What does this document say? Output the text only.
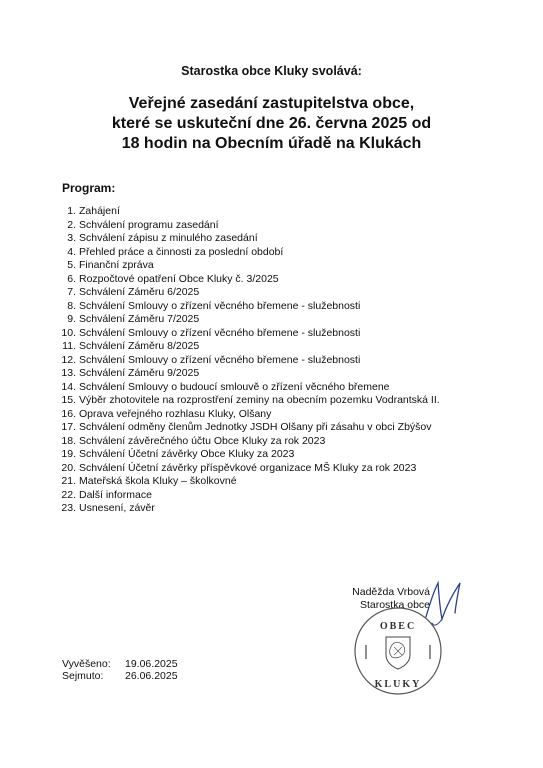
Starostka obce Kluky svolává:
Veřejné zasedání zastupitelstva obce,
které se uskuteční dne 26. června 2025 od
18 hodin na Obecním úřadě na Klukách
Program:
1. Zahájení
2. Schválení programu zasedání
3. Schválení zápisu z minulého zasedání
4. Přehled práce a činnosti za poslední období
5. Finanční zpráva
6. Rozpočtové opatření Obce Kluky č. 3/2025
7. Schválení Záměru 6/2025
8. Schválení Smlouvy o zřízení věcného břemene - služebnosti
9. Schválení Záměru 7/2025
10. Schválení Smlouvy o zřízení věcného břemene - služebnosti
11. Schválení Záměru 8/2025
12. Schválení Smlouvy o zřízení věcného břemene - služebnosti
13. Schválení Záměru 9/2025
14. Schválení Smlouvy o budoucí smlouvě o zřízení věcného břemene
15. Výběr zhotovitele na rozprostření zeminy na obecním pozemku Vodrantská II.
16. Oprava veřejného rozhlasu Kluky, Olšany
17. Schválení odměny členům Jednotky JSDH Olšany při zásahu v obci Zbýšov
18. Schválení závěrečného účtu Obce Kluky za rok 2023
19. Schválení Účetní závěrky Obce Kluky za 2023
20. Schválení Účetní závěrky příspěvkové organizace MŠ Kluky za rok 2023
21. Mateřská škola Kluky – školkovné
22. Další informace
23. Usnesení, závěr
Naděžda Vrbová
Starostka obce
OBEC
KLUKY
Vyvěšeno: 19.06.2025
Sejmuto: 26.06.2025
